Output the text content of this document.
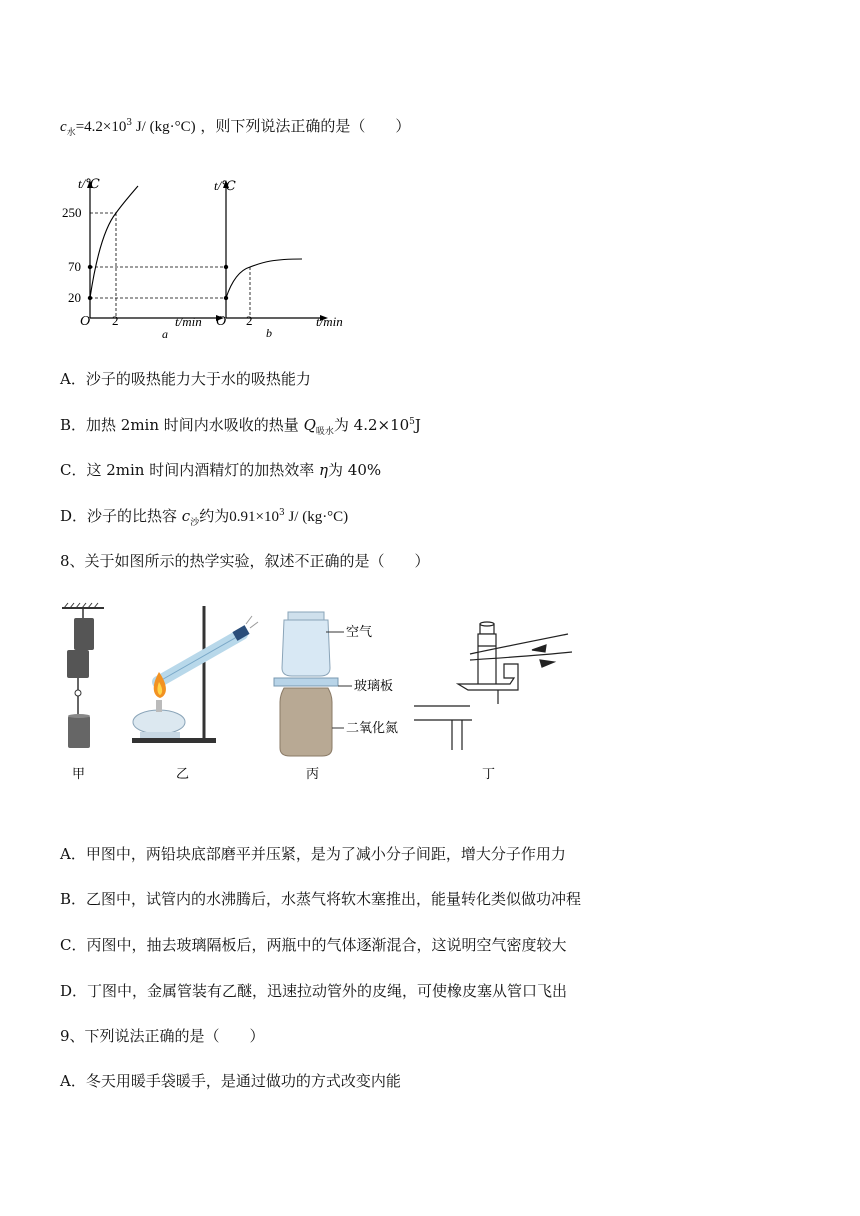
$c_水=4.2\times 10^3$ J/ (kg·°C) ，则下列说法正确的是（　　）
t/℃
250
70
20
O 2	t/min
a
t/℃
O 2	t/min
b
A．沙子的吸热能力大于水的吸热能力
B．加热 2min 时间内水吸收的热量 $Q_{吸水}$为 $4.2\times 10^5J$
C．这 2min 时间内酒精灯的加热效率 η为 40%
D．沙子的比热容 $c_沙$约为$0.91\times 10^3$ J/ (kg·°C)
8、关于如图所示的热学实验，叙述不正确的是（　　）
甲	乙	丙	丁
空气
玻璃板
二氧化氮
A．甲图中，两铅块底部磨平并压紧，是为了减小分子间距，增大分子作用力
B．乙图中，试管内的水沸腾后，水蒸气将软木塞推出，能量转化类似做功冲程
C．丙图中，抽去玻璃隔板后，两瓶中的气体逐渐混合，这说明空气密度较大
D．丁图中，金属管装有乙醚，迅速拉动管外的皮绳，可使橡皮塞从管口飞出
9、下列说法正确的是（　　）
A．冬天用暖手袋暖手，是通过做功的方式改变内能
